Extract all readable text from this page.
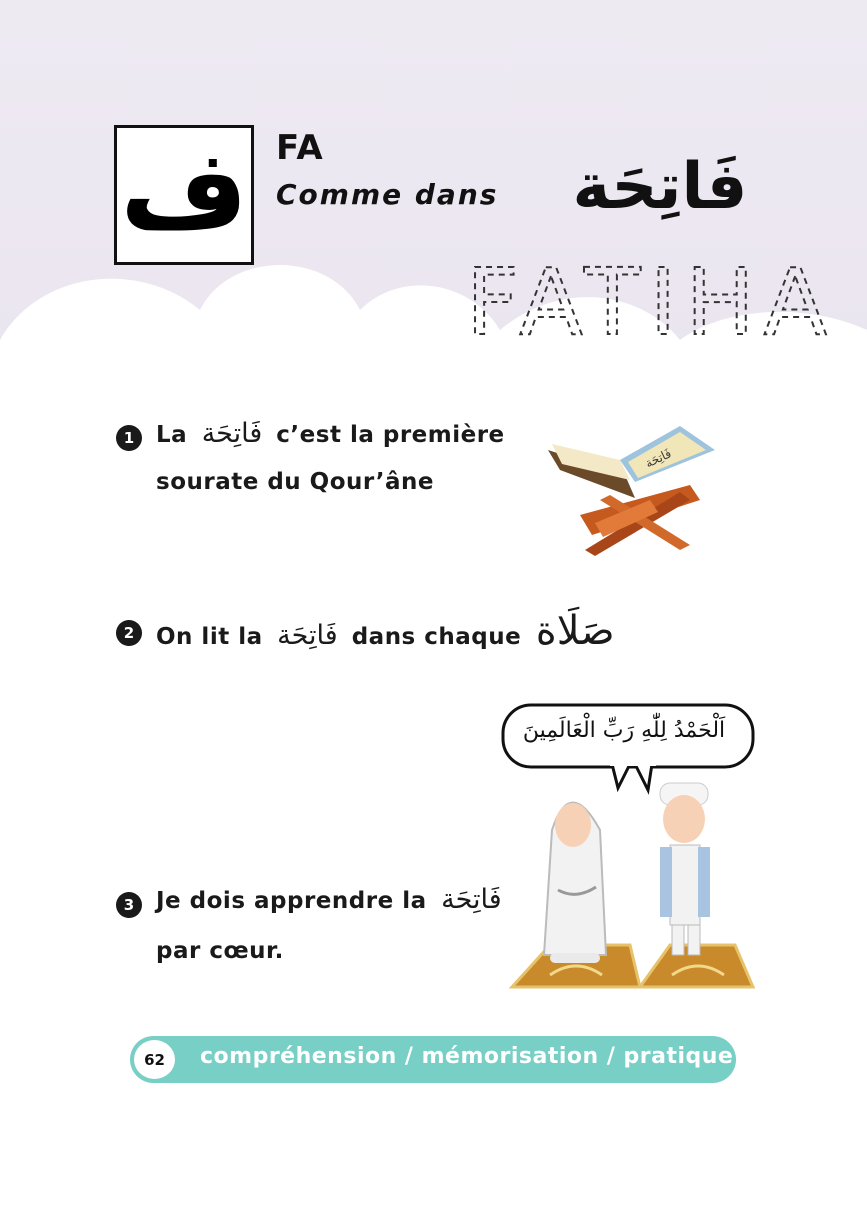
ف FA
Comme dans فَاتِحَة
FATIHA
1 La فَاتِحَة c’est la première
sourate du Qour’âne
فَاتِحَة
2 On lit la فَاتِحَة dans chaque صَلَاة
اَلْحَمْدُ لِلّٰهِ رَبِّ الْعَالَمِينَ
3 Je dois apprendre la فَاتِحَة
par cœur.
62	compréhension / mémorisation / pratique
